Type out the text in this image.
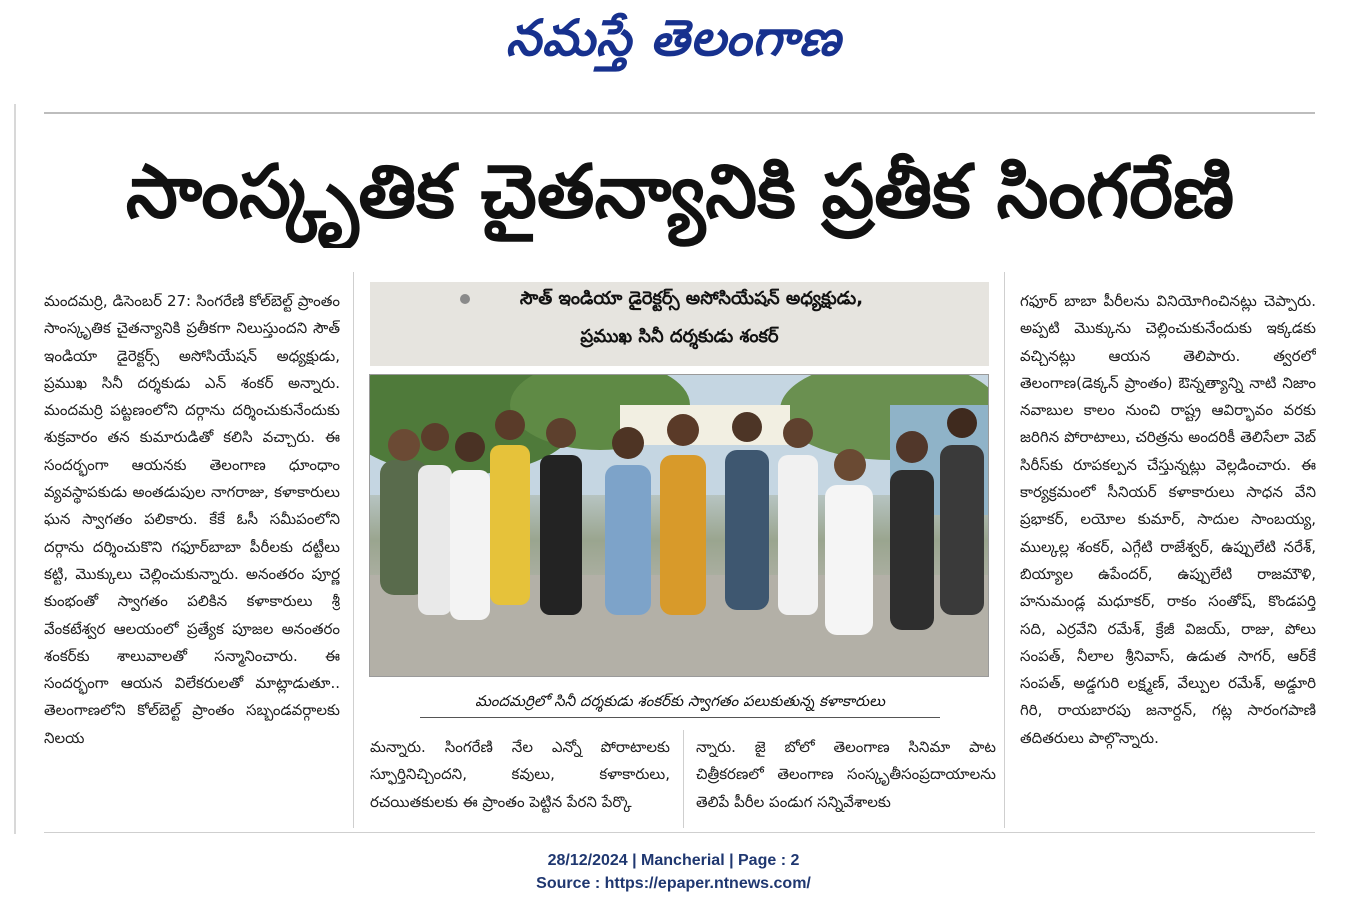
నమస్తే తెలంగాణ
సాంస్కృతిక చైతన్యానికి ప్రతీక సింగరేణి
మందమర్రి, డిసెంబర్ 27: సింగరేణి కోల్‌బెల్ట్ ప్రాంతం సాంస్కృతిక చైతన్యానికి ప్రతీకగా నిలుస్తుందని సౌత్ ఇండియా డైరెక్టర్స్ అసోసియేషన్ అధ్యక్షుడు, ప్రముఖ సినీ దర్శకుడు ఎన్ శంకర్ అన్నారు. మందమర్రి పట్టణంలోని దర్గాను దర్శించుకునేందుకు శుక్రవారం తన కుమారుడితో కలిసి వచ్చారు. ఈ సందర్భంగా ఆయనకు తెలంగాణ ధూంధాం వ్యవస్థాపకుడు అంతడుపుల నాగరాజు, కళాకారులు ఘన స్వాగతం పలికారు. కేకే ఓసీ సమీపంలోని దర్గాను దర్శించుకొని గఫూర్‌బాబా పీరీలకు దట్టీలు కట్టి, మొక్కులు చెల్లించుకున్నారు. అనంతరం పూర్ణ కుంభంతో స్వాగతం పలికిన కళాకారులు శ్రీ వేంకటేశ్వర ఆలయంలో ప్రత్యేక పూజల అనంతరం శంకర్‌కు శాలువాలతో సన్మానించారు. ఈ సందర్భంగా ఆయన విలేకరులతో మాట్లాడుతూ.. తెలంగాణలోని కోల్‌బెల్ట్ ప్రాంతం సబ్బండవర్గాలకు నిలయ
సౌత్ ఇండియా డైరెక్టర్స్ అసోసియేషన్ అధ్యక్షుడు,
ప్రముఖ సినీ దర్శకుడు శంకర్
మందమర్రిలో సినీ దర్శకుడు శంకర్‌కు స్వాగతం పలుకుతున్న కళాకారులు
మన్నారు. సింగరేణి నేల ఎన్నో పోరాటాలకు స్ఫూర్తినిచ్చిందని, కవులు, కళాకారులు, రచయితకులకు ఈ ప్రాంతం పెట్టిన పేరని పేర్కొ
న్నారు. జై బోలో తెలంగాణ సినిమా పాట చిత్రీకరణలో తెలంగాణ సంస్కృతీసంప్రదాయాలను తెలిపే పీరీల పండుగ సన్నివేశాలకు
గఫూర్ బాబా పీరీలను వినియోగించినట్లు చెప్పారు. అప్పటి మొక్కును చెల్లించుకునేందుకు ఇక్కడకు వచ్చినట్లు ఆయన తెలిపారు. త్వరలో తెలంగాణ(డెక్కన్ ప్రాంతం) ఔన్నత్యాన్ని నాటి నిజాం నవాబుల కాలం నుంచి రాష్ట్ర ఆవిర్భావం వరకు జరిగిన పోరాటాలు, చరిత్రను అందరికీ తెలిసేలా వెబ్ సిరీస్‌కు రూపకల్పన చేస్తున్నట్లు వెల్లడించారు. ఈ కార్యక్రమంలో సీనియర్ కళాకారులు సాధన వేని ప్రభాకర్, లయోల కుమార్, సాదుల సాంబయ్య, ముల్కల్ల శంకర్, ఎగ్గేటి రాజేశ్వర్, ఉప్పులేటి నరేశ్, బియ్యాల ఉపేందర్, ఉప్పులేటి రాజమౌళి, హనుమండ్ల మధూకర్, రాకం సంతోష్, కొండపర్తి సది, ఎర్రవేని రమేశ్, క్రేజీ విజయ్, రాజు, పోలు సంపత్, నీలాల శ్రీనివాస్, ఉడుత సాగర్, ఆర్‌కే సంపత్, అడ్డగురి లక్ష్మణ్, వేల్పుల రమేశ్, అడ్డూరి గిరి, రాయబారపు జనార్దన్, గట్ల సారంగపాణి తదితరులు పాల్గొన్నారు.
28/12/2024 | Mancherial | Page : 2
Source : https://epaper.ntnews.com/
